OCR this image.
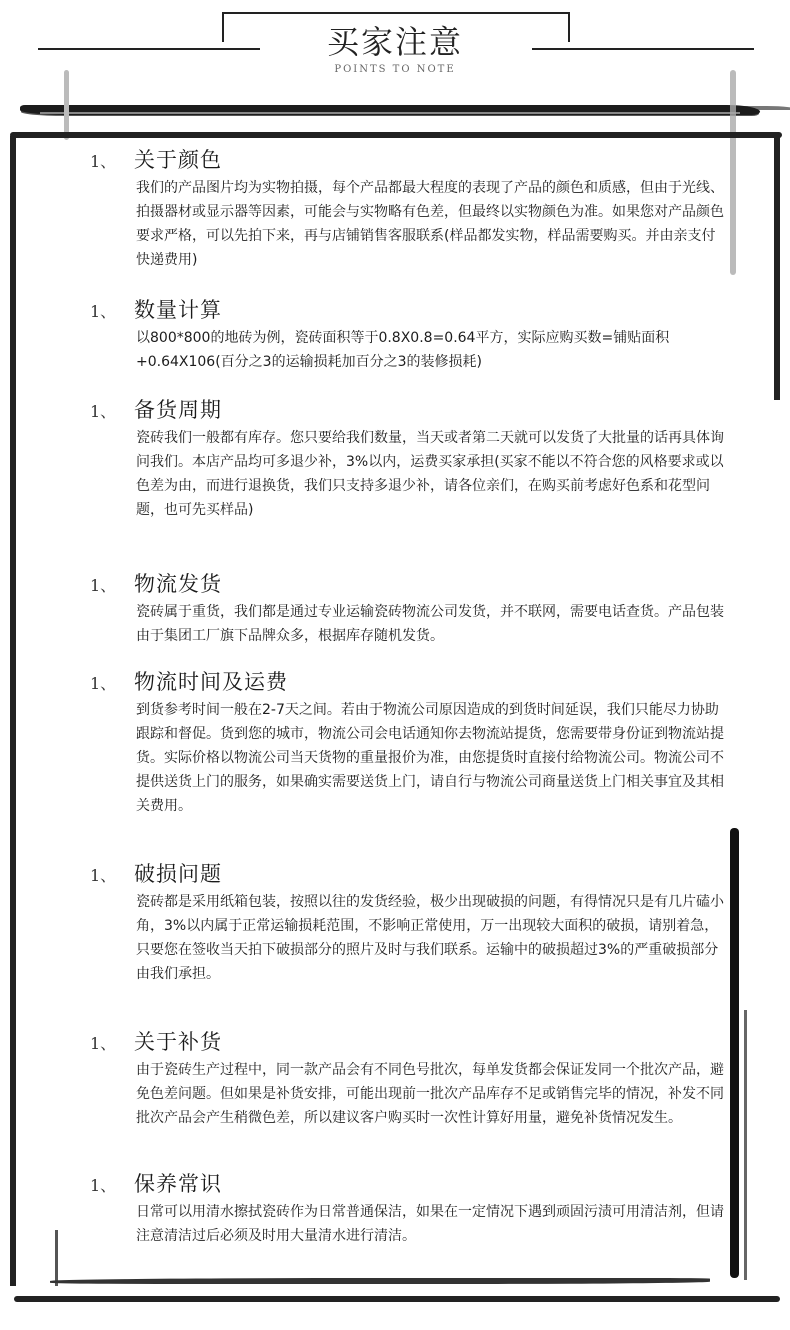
买家注意
POINTS TO NOTE
1、 关于颜色
我们的产品图片均为实物拍摄，每个产品都最大程度的表现了产品的颜色和质感，但由于光线、拍摄器材或显示器等因素，可能会与实物略有色差，但最终以实物颜色为准。如果您对产品颜色要求严格，可以先拍下来，再与店铺销售客服联系(样品都发实物，样品需要购买。并由亲支付快递费用)
1、 数量计算
以800*800的地砖为例，瓷砖面积等于0.8X0.8=0.64平方，实际应购买数=铺贴面积+0.64X106(百分之3的运输损耗加百分之3的装修损耗)
1、 备货周期
瓷砖我们一般都有库存。您只要给我们数量，当天或者第二天就可以发货了大批量的话再具体询问我们。本店产品均可多退少补，3%以内，运费买家承担(买家不能以不符合您的风格要求或以色差为由，而进行退换货，我们只支持多退少补，请各位亲们，在购买前考虑好色系和花型问题，也可先买样品)
1、 物流发货
瓷砖属于重货，我们都是通过专业运输瓷砖物流公司发货，并不联网，需要电话查货。产品包装由于集团工厂旗下品牌众多，根据库存随机发货。
1、 物流时间及运费
到货参考时间一般在2-7天之间。若由于物流公司原因造成的到货时间延误，我们只能尽力协助跟踪和督促。货到您的城市，物流公司会电话通知你去物流站提货，您需要带身份证到物流站提货。实际价格以物流公司当天货物的重量报价为准，由您提货时直接付给物流公司。物流公司不提供送货上门的服务，如果确实需要送货上门，请自行与物流公司商量送货上门相关事宜及其相关费用。
1、 破损问题
瓷砖都是采用纸箱包装，按照以往的发货经验，极少出现破损的问题，有得情况只是有几片磕小角，3%以内属于正常运输损耗范围，不影响正常使用，万一出现较大面积的破损，请别着急，只要您在签收当天拍下破损部分的照片及时与我们联系。运输中的破损超过3%的严重破损部分由我们承担。
1、 关于补货
由于瓷砖生产过程中，同一款产品会有不同色号批次，每单发货都会保证发同一个批次产品，避免色差问题。但如果是补货安排，可能出现前一批次产品库存不足或销售完毕的情况，补发不同批次产品会产生稍微色差，所以建议客户购买时一次性计算好用量，避免补货情况发生。
1、 保养常识
日常可以用清水擦拭瓷砖作为日常普通保洁，如果在一定情况下遇到顽固污渍可用清洁剂，但请注意清洁过后必须及时用大量清水进行清洁。
